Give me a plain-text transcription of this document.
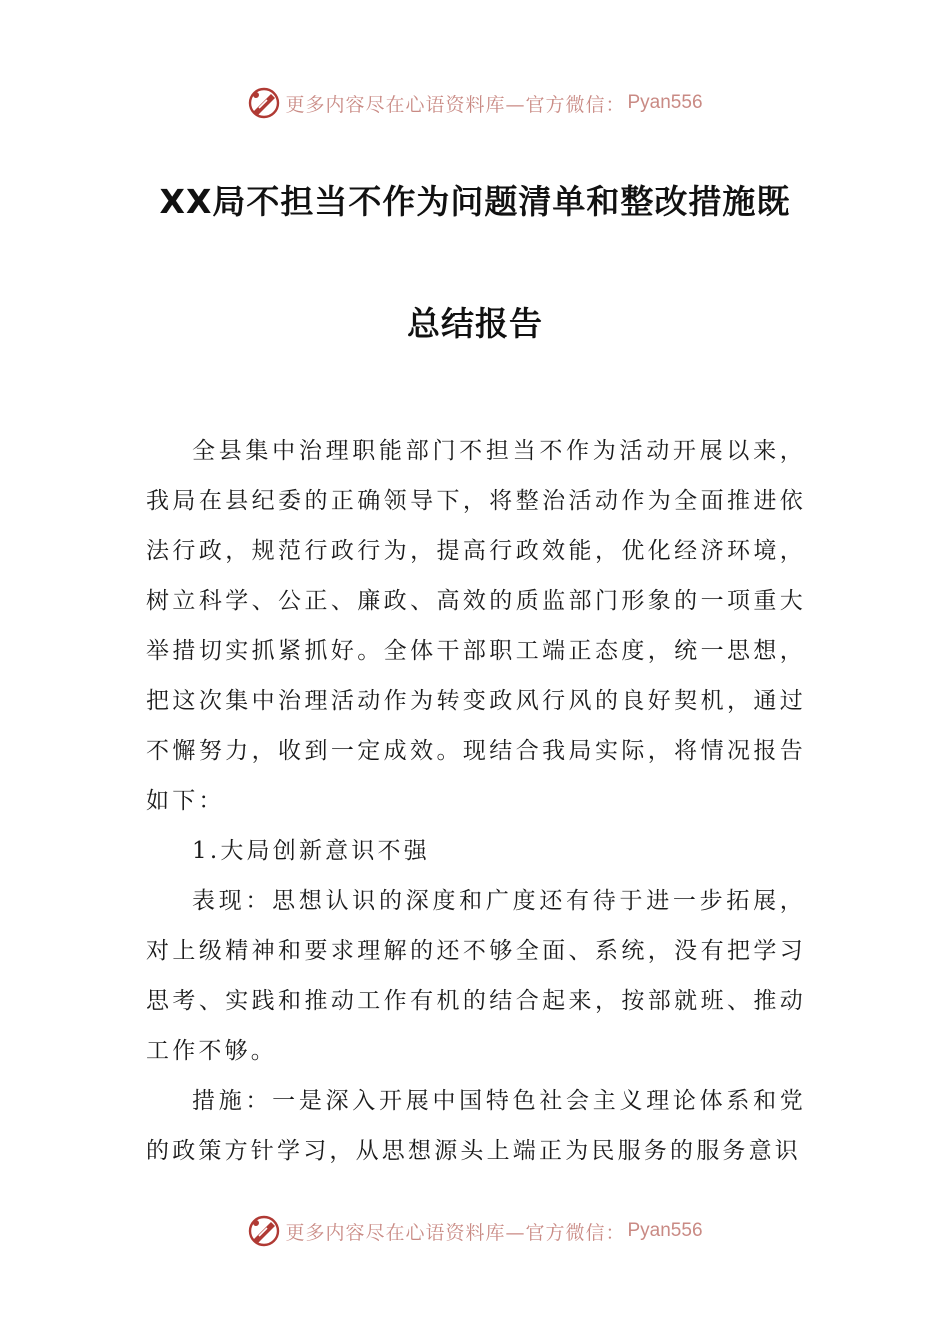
更多内容尽在心语资料库—官方微信： Pyan556
XX局不担当不作为问题清单和整改措施既
总结报告

全县集中治理职能部门不担当不作为活动开展以来，我局在县纪委的正确领导下，将整治活动作为全面推进依法行政，规范行政行为，提高行政效能，优化经济环境，树立科学、公正、廉政、高效的质监部门形象的一项重大举措切实抓紧抓好。全体干部职工端正态度，统一思想，把这次集中治理活动作为转变政风行风的良好契机，通过不懈努力，收到一定成效。现结合我局实际，将情况报告如下：

1.大局创新意识不强

表现：思想认识的深度和广度还有待于进一步拓展，对上级精神和要求理解的还不够全面、系统，没有把学习思考、实践和推动工作有机的结合起来，按部就班、推动工作不够。

措施：一是深入开展中国特色社会主义理论体系和党的政策方针学习，从思想源头上端正为民服务的服务意识

更多内容尽在心语资料库—官方微信： Pyan556
